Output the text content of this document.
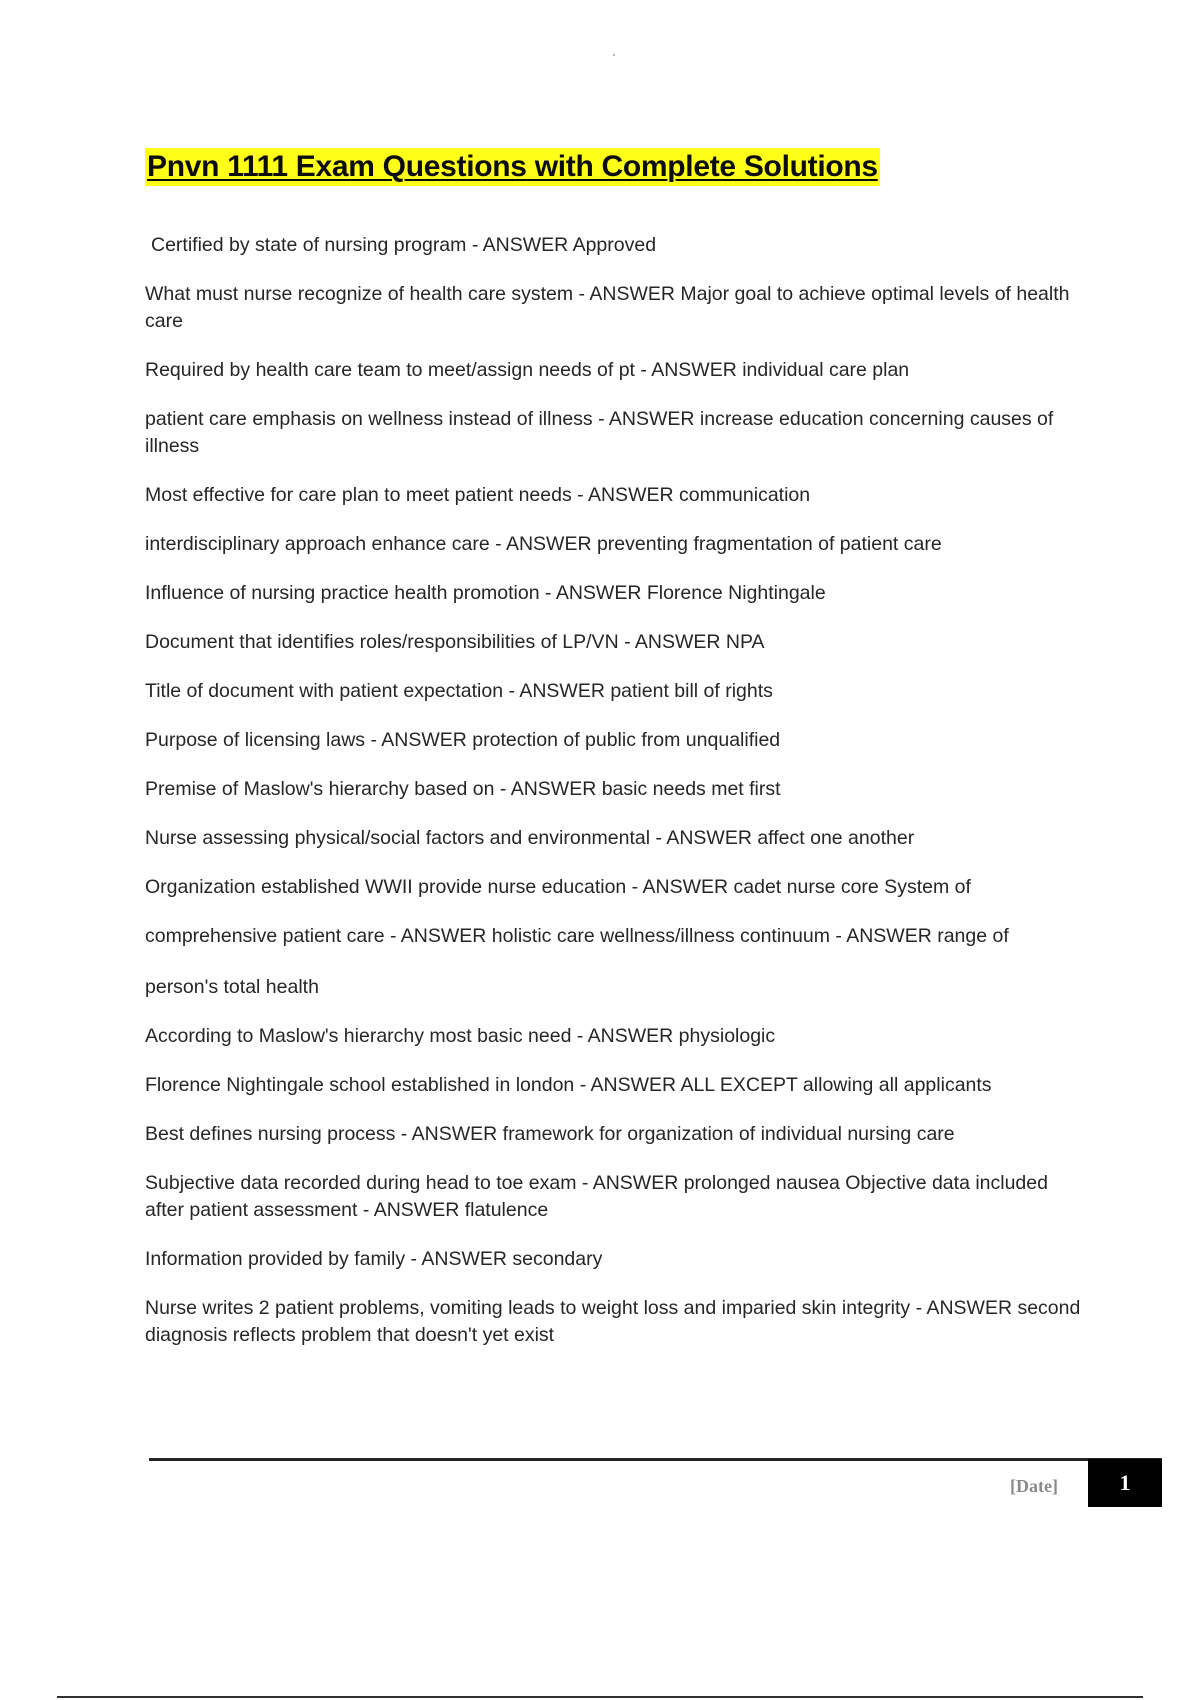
Pnvn 1111 Exam Questions with Complete Solutions

Certified by state of nursing program - ANSWER Approved

What must nurse recognize of health care system - ANSWER Major goal to achieve optimal levels of health care

Required by health care team to meet/assign needs of pt - ANSWER individual care plan

patient care emphasis on wellness instead of illness - ANSWER increase education concerning causes of illness

Most effective for care plan to meet patient needs - ANSWER communication

interdisciplinary approach enhance care - ANSWER preventing fragmentation of patient care

Influence of nursing practice health promotion - ANSWER Florence Nightingale

Document that identifies roles/responsibilities of LP/VN - ANSWER NPA

Title of document with patient expectation - ANSWER patient bill of rights

Purpose of licensing laws - ANSWER protection of public from unqualified

Premise of Maslow's hierarchy based on - ANSWER basic needs met first

Nurse assessing physical/social factors and environmental - ANSWER affect one another

Organization established WWII provide nurse education - ANSWER cadet nurse core System of

comprehensive patient care - ANSWER holistic care wellness/illness continuum - ANSWER range of
person's total health

According to Maslow's hierarchy most basic need - ANSWER physiologic

Florence Nightingale school established in london - ANSWER ALL EXCEPT allowing all applicants

Best defines nursing process - ANSWER framework for organization of individual nursing care

Subjective data recorded during head to toe exam - ANSWER prolonged nausea Objective data included after patient assessment - ANSWER flatulence

Information provided by family - ANSWER secondary

Nurse writes 2 patient problems, vomiting leads to weight loss and imparied skin integrity - ANSWER second diagnosis reflects problem that doesn't yet exist

[Date]	1
